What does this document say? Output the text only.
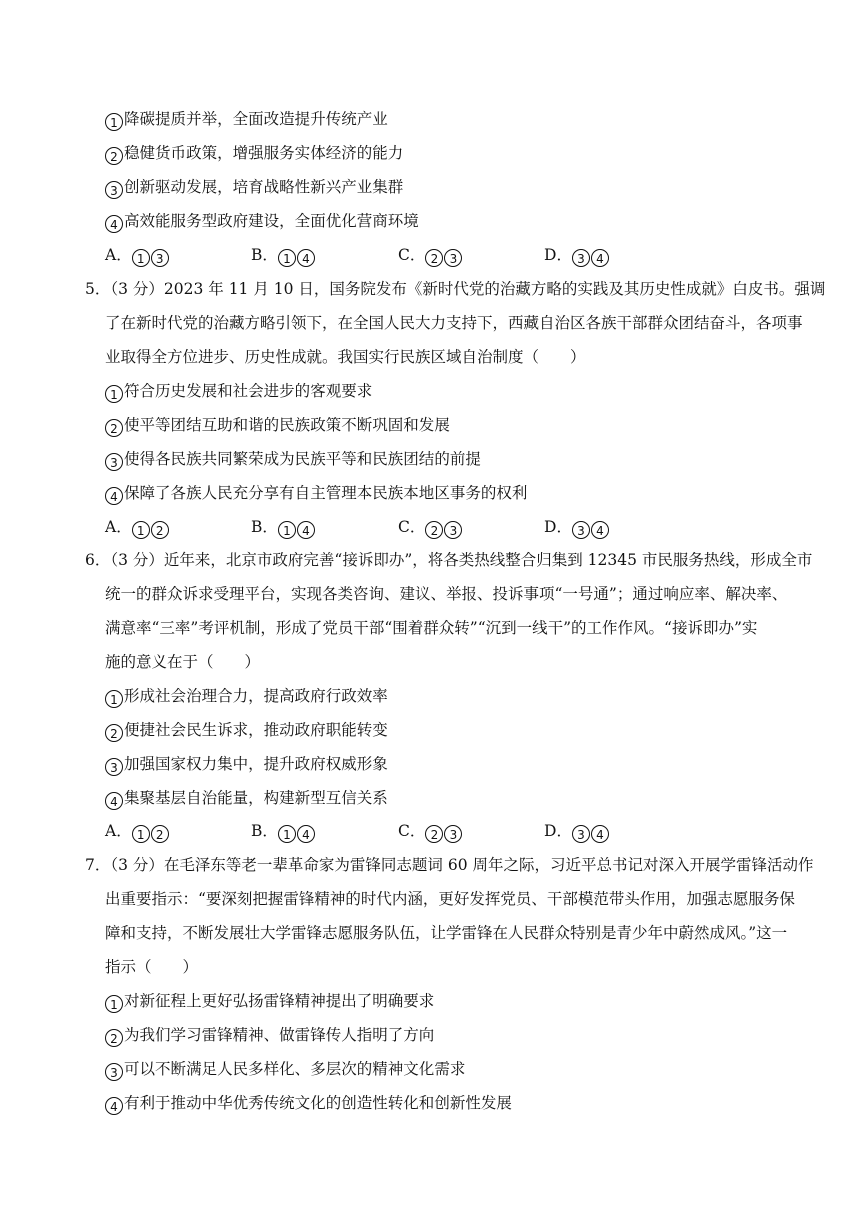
1 降碳提质并举，全面改造提升传统产业
2 稳健货币政策，增强服务实体经济的能力
3 创新驱动发展，培育战略性新兴产业集群
4 高效能服务型政府建设，全面优化营商环境
A． 1 3	B． 1 4	C． 2 3	D． 3 4
5．（3 分）2023 年 11 月 10 日，国务院发布《新时代党的治藏方略的实践及其历史性成就》白皮书。强调
了在新时代党的治藏方略引领下，在全国人民大力支持下，西藏自治区各族干部群众团结奋斗，各项事
业取得全方位进步、历史性成就。我国实行民族区域自治制度（　　）
1 符合历史发展和社会进步的客观要求
2 使平等团结互助和谐的民族政策不断巩固和发展
3 使得各民族共同繁荣成为民族平等和民族团结的前提
4 保障了各族人民充分享有自主管理本民族本地区事务的权利
A． 1 2	B． 1 4	C． 2 3	D． 3 4
6．（3 分）近年来，北京市政府完善“接诉即办”，将各类热线整合归集到 12345 市民服务热线，形成全市
统一的群众诉求受理平台，实现各类咨询、建议、举报、投诉事项“一号通”；通过响应率、解决率、
满意率“三率”考评机制，形成了党员干部“围着群众转”“沉到一线干”的工作作风。“接诉即办”实
施的意义在于（　　）
1 形成社会治理合力，提高政府行政效率
2 便捷社会民生诉求，推动政府职能转变
3 加强国家权力集中，提升政府权威形象
4 集聚基层自治能量，构建新型互信关系
A． 1 2	B． 1 4	C． 2 3	D． 3 4
7．（3 分）在毛泽东等老一辈革命家为雷锋同志题词 60 周年之际，习近平总书记对深入开展学雷锋活动作
出重要指示：“要深刻把握雷锋精神的时代内涵，更好发挥党员、干部模范带头作用，加强志愿服务保
障和支持，不断发展壮大学雷锋志愿服务队伍，让学雷锋在人民群众特别是青少年中蔚然成风。”这一
指示（　　）
1 对新征程上更好弘扬雷锋精神提出了明确要求
2 为我们学习雷锋精神、做雷锋传人指明了方向
3 可以不断满足人民多样化、多层次的精神文化需求
4 有利于推动中华优秀传统文化的创造性转化和创新性发展
